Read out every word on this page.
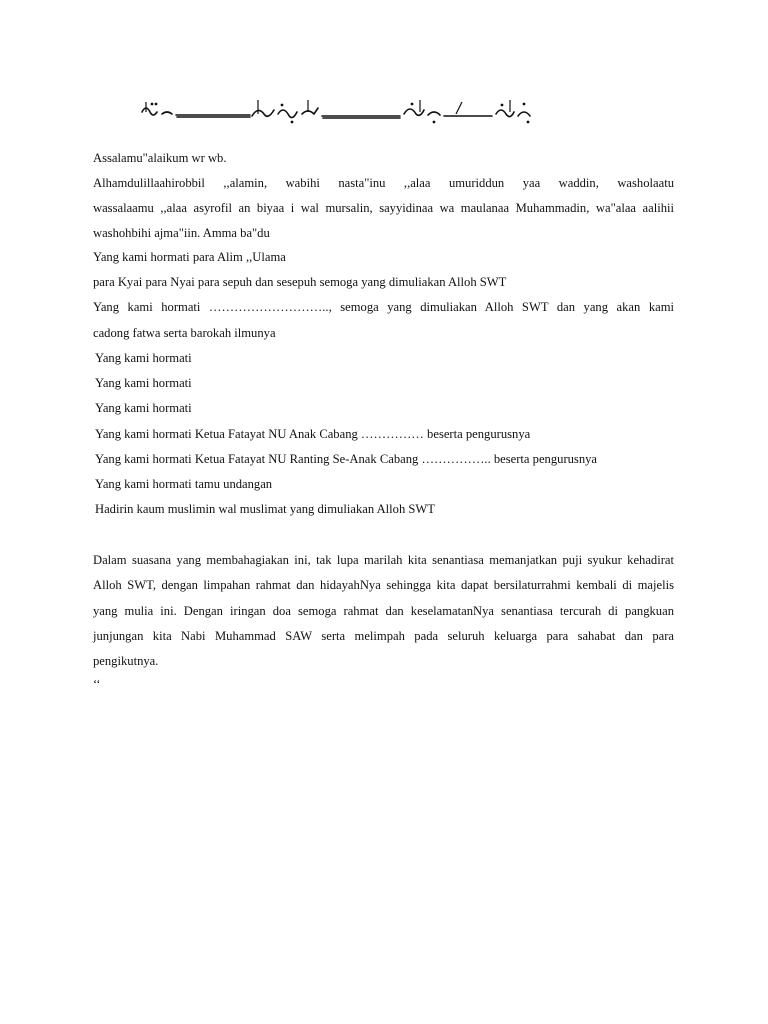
Assalamu"alaikum wr wb.
Alhamdulillaahirobbil ,,alamin, wabihi nasta"inu ,,alaa umuriddun yaa waddin, washolaatu
wassalaamu ,,alaa asyrofil an biyaa i wal mursalin, sayyidinaa wa maulanaa Muhammadin, wa"alaa aalihii
washohbihi ajma"iin. Amma ba"du
Yang kami hormati para Alim ,,Ulama
para Kyai para Nyai para sepuh dan sesepuh semoga yang dimuliakan Alloh SWT
Yang kami hormati ……………………….., semoga yang dimuliakan Alloh SWT dan yang akan kami
cadong fatwa serta barokah ilmunya
Yang kami hormati
Yang kami hormati
Yang kami hormati
Yang kami hormati Ketua Fatayat NU Anak Cabang …………… beserta pengurusnya
Yang kami hormati Ketua Fatayat NU Ranting Se-Anak Cabang …………….. beserta pengurusnya
Yang kami hormati tamu undangan
Hadirin kaum muslimin wal muslimat yang dimuliakan Alloh SWT
Dalam suasana yang membahagiakan ini, tak lupa marilah kita senantiasa memanjatkan puji syukur kehadirat
Alloh SWT, dengan limpahan rahmat dan hidayahNya sehingga kita dapat bersilaturrahmi kembali di majelis
yang mulia ini. Dengan iringan doa semoga rahmat dan keselamatanNya senantiasa tercurah di pangkuan
junjungan kita Nabi Muhammad SAW serta melimpah pada seluruh keluarga para sahabat dan para
pengikutnya.
‘‘
